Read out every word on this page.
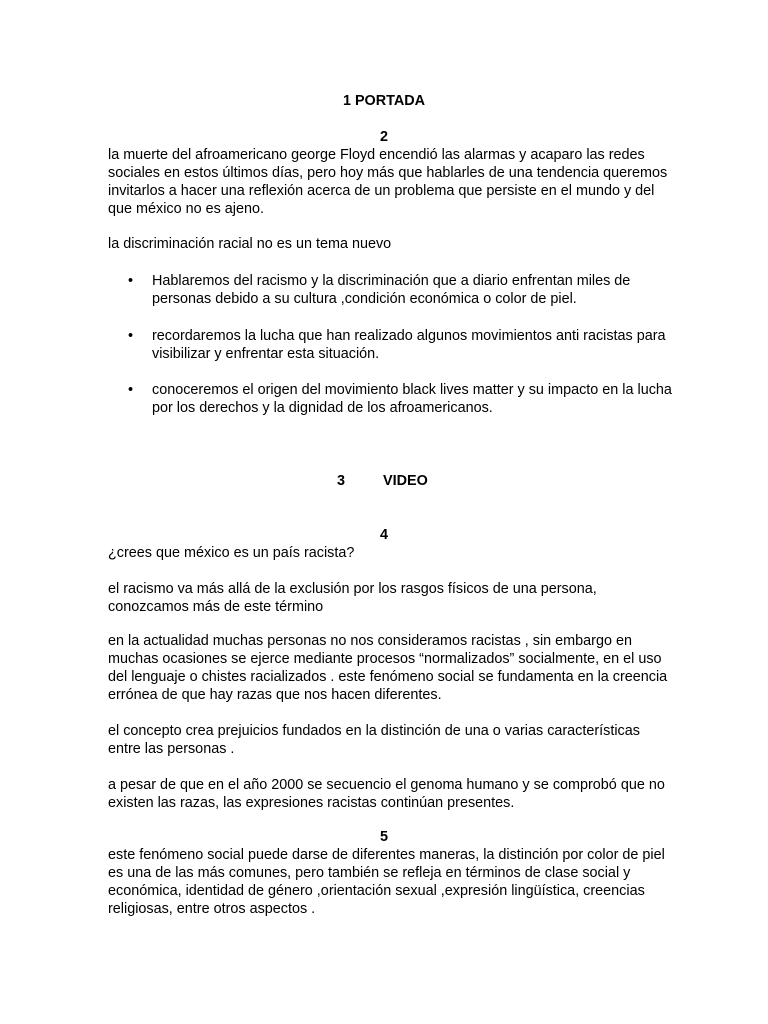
1 PORTADA
2

la muerte del afroamericano george Floyd encendió las alarmas y acaparo las redes sociales en estos últimos días, pero hoy más que hablarles de una tendencia queremos invitarlos a hacer una reflexión acerca de un problema que persiste en el mundo y del que méxico no es ajeno.

la discriminación racial no es un tema nuevo

•	Hablaremos del racismo y la discriminación que a diario enfrentan miles de personas debido a su cultura ,condición económica o color de piel.

•	recordaremos la lucha que han realizado algunos movimientos anti racistas para visibilizar y enfrentar esta situación.

•	conoceremos el origen del movimiento black lives matter y su impacto en la lucha por los derechos y la dignidad de los afroamericanos.

3	VIDEO
4

¿crees que méxico es un país racista?

el racismo va más allá de la exclusión por los rasgos físicos de una persona, conozcamos más de este término

en la actualidad muchas personas no nos consideramos racistas , sin embargo en muchas ocasiones se ejerce mediante procesos “normalizados” socialmente, en el uso del lenguaje o chistes racializados . este fenómeno social se fundamenta en la creencia errónea de que hay razas que nos hacen diferentes.

el concepto crea prejuicios fundados en la distinción de una o varias características entre las personas .

a pesar de que en el año 2000 se secuencio el genoma humano y se comprobó que no existen las razas, las expresiones racistas continúan presentes.

5

este fenómeno social puede darse de diferentes maneras, la distinción por color de piel es una de las más comunes, pero también se refleja en términos de clase social y económica, identidad de género ,orientación sexual ,expresión lingüística, creencias religiosas, entre otros aspectos .
